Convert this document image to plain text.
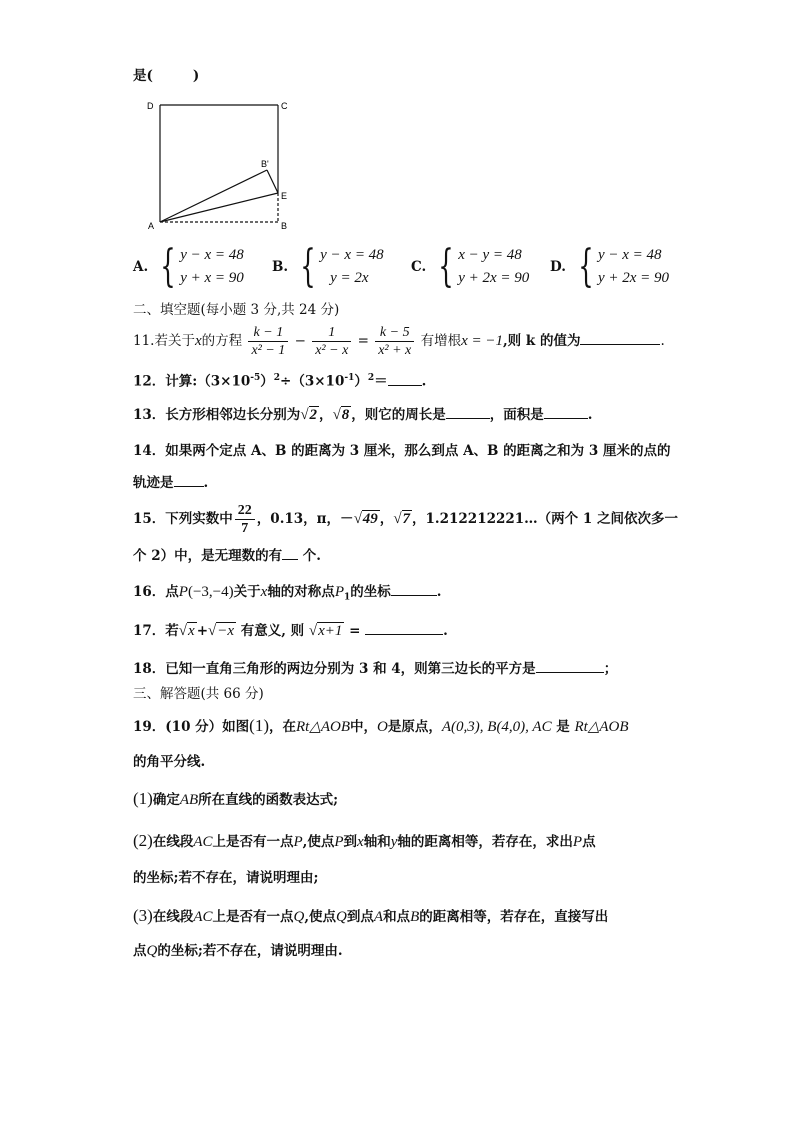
是(	)
D	C
B'
E
A	B
A. { y − x = 48
y + x = 90
B. { y − x = 48
y = 2x
C. { x − y = 48
y + 2x = 90
D. { y − x = 48
y + 2x = 90
二、填空题(每小题 3 分,共 24 分)
11.若关于x的方程 $\frac{k - 1}{\text{x² − 1}} - \frac{1}{\text{x² − x}} = \frac{k - 5}{\text{x² + x}}$ 有增根x = −1,则 k 的值为	.
12．计算$:(3\times 10^{-5})^2\div(3\times 10^{-1})^2=$	.
13．长方形相邻边长分别为√2 ，√8 ，则它的周长是	，面积是	.
14．如果两个定点 A、B 的距离为 3 厘米，那么到点 A、B 的距离之和为 3 厘米的点的
轨迹是 .
15．下列实数中 $\frac{22}{7}$ ，0.13，π，－√49 ，√7 ，1.212212221…（两个 1 之间依次多一
个 2）中，是无理数的有 个.
16．点P(−3,−4)关于x轴的对称点$P_1$的坐标	.
17．若√x +√−x 有意义, 则 √x+1 =	.
18．已知一直角三角形的两边分别为 3 和 4，则第三边长的平方是	；
三、解答题(共 66 分)
19．(10 分）如图(1)，在Rt△AOB中，O是原点，A(0,3), B(4,0), AC 是 Rt△AOB
的角平分线.
(1)确定AB所在直线的函数表达式;
(2)在线段AC上是否有一点P,使点P到x轴和y轴的距离相等，若存在，求出P点
的坐标;若不存在，请说明理由;
(3)在线段AC上是否有一点Q,使点Q到点A和点B的距离相等，若存在，直接写出
点Q的坐标;若不存在，请说明理由.
